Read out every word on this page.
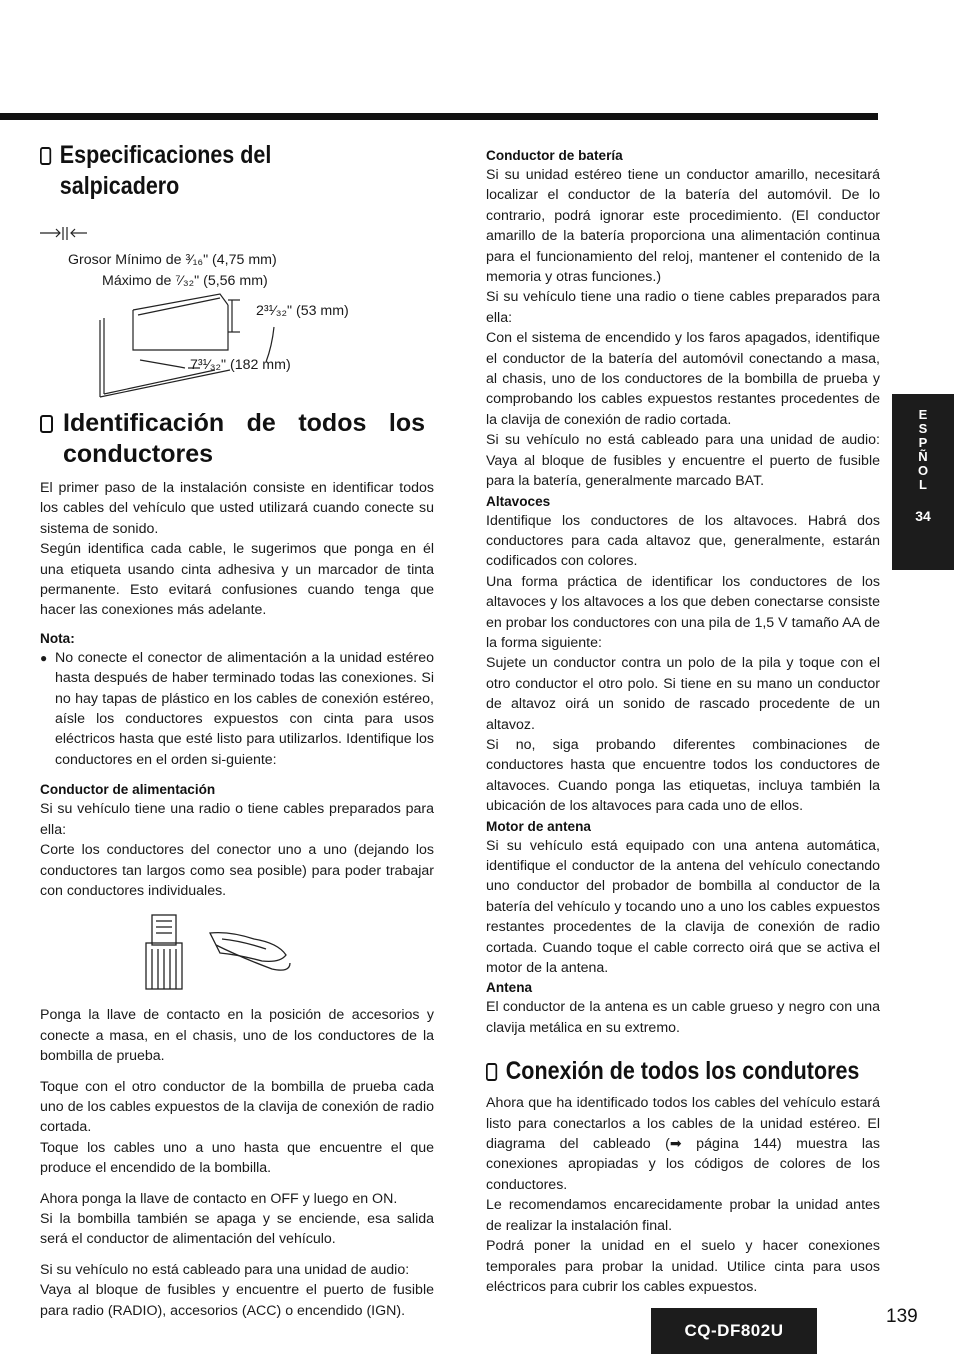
Especificaciones del salpicadero
Grosor Mínimo de ³⁄₁₆" (4,75 mm)
Máximo de ⁷⁄₃₂" (5,56 mm)
2³¹⁄₃₂" (53 mm)
7³¹⁄₃₂" (182 mm)
Identificación de todos los conductores

El primer paso de la instalación consiste en identificar todos los cables del vehículo que usted utilizará cuando conecte su sistema de sonido.

Según identifica cada cable, le sugerimos que ponga en él una etiqueta usando cinta adhesiva y un marcador de tinta permanente. Esto evitará confusiones cuando tenga que hacer las conexiones más adelante.

Nota:
● No conecte el conector de alimentación a la unidad estéreo hasta después de haber terminado todas las conexiones. Si no hay tapas de plástico en los cables de conexión estéreo, aísle los conductores expuestos con cinta para usos eléctricos hasta que esté listo para utilizarlos. Identifique los conductores en el orden si-guiente:
Conductor de alimentación

Si su vehículo tiene una radio o tiene cables preparados para ella:

Corte los conductores del conector uno a uno (dejando los conductores tan largos como sea posible) para poder trabajar con conductores individuales.

Ponga la llave de contacto en la posición de accesorios y conecte a masa, en el chasis, uno de los conductores de la bombilla de prueba.

Toque con el otro conductor de la bombilla de prueba cada uno de los cables expuestos de la clavija de conexión de radio cortada.

Toque los cables uno a uno hasta que encuentre el que produce el encendido de la bombilla.

Ahora ponga la llave de contacto en OFF y luego en ON.

Si la bombilla también se apaga y se enciende, esa salida será el conductor de alimentación del vehículo.

Si su vehículo no está cableado para una unidad de audio:

Vaya al bloque de fusibles y encuentre el puerto de fusible para radio (RADIO), accesorios (ACC) o encendido (IGN).

Conductor de batería

Si su unidad estéreo tiene un conductor amarillo, necesitará localizar el conductor de la batería del automóvil. De lo contrario, podrá ignorar este procedimiento. (El conductor amarillo de la batería proporciona una alimentación continua para el funcionamiento del reloj, mantener el contenido de la memoria y otras funciones.)

Si su vehículo tiene una radio o tiene cables preparados para ella:

Con el sistema de encendido y los faros apagados, identifique el conductor de la batería del automóvil conectando a masa, al chasis, uno de los conductores de la bombilla de prueba y comprobando los cables expuestos restantes procedentes de la clavija de conexión de radio cortada.

Si su vehículo no está cableado para una unidad de audio: Vaya al bloque de fusibles y encuentre el puerto de fusible para la batería, generalmente marcado BAT.

Altavoces

Identifique los conductores de los altavoces. Habrá dos conductores para cada altavoz que, generalmente, estarán codificados con colores.

Una forma práctica de identificar los conductores de los altavoces y los altavoces a los que deben conectarse consiste en probar los conductores con una pila de 1,5 V tamaño AA de la forma siguiente:

Sujete un conductor contra un polo de la pila y toque con el otro conductor el otro polo. Si tiene en su mano un conductor de altavoz oirá un sonido de rascado procedente de un altavoz.

Si no, siga probando diferentes combinaciones de conductores hasta que encuentre todos los conductores de altavoces. Cuando ponga las etiquetas, incluya también la ubicación de los altavoces para cada uno de ellos.

Motor de antena

Si su vehículo está equipado con una antena automática, identifique el conductor de la antena del vehículo conectando uno conductor del probador de bombilla al conductor de la batería del vehículo y tocando uno a uno los cables expuestos restantes procedentes de la clavija de conexión de radio cortada. Cuando toque el cable correcto oirá que se activa el motor de la antena.

Antena

El conductor de la antena es un cable grueso y negro con una clavija metálica en su extremo.

Conexión de todos los condutores

Ahora que ha identificado todos los cables del vehículo estará listo para conectarlos a los cables de la unidad estéreo. El diagrama del cableado (➡ página 144) muestra las conexiones apropiadas y los códigos de colores de los conductores.

Le recomendamos encarecidamente probar la unidad antes de realizar la instalación final.

Podrá poner la unidad en el suelo y hacer conexiones temporales para probar la unidad. Utilice cinta para usos eléctricos para cubrir los cables expuestos.

E
S
P
Ñ
O
L
34
CQ-DF802U
139
